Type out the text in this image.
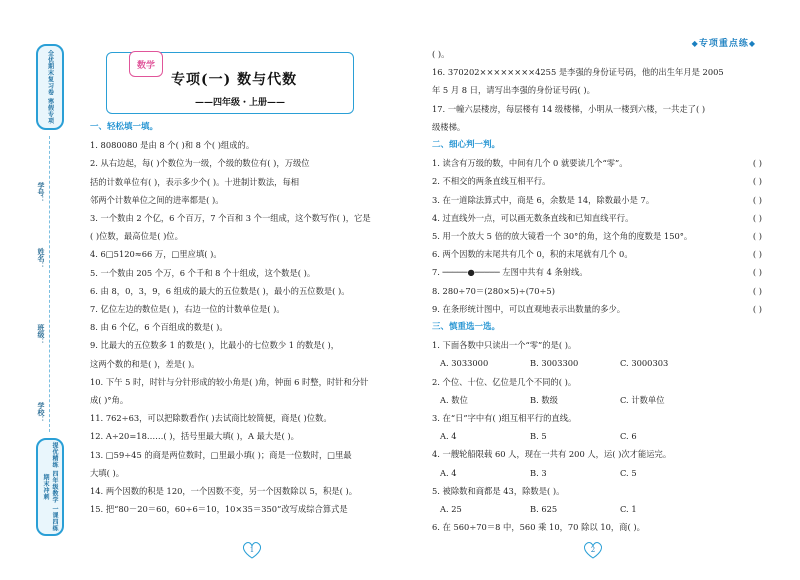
全优期末复习卷 寒假专项
学号：
姓名：
班级：
学校：
提优精练 四年级数学 一课四练 期末冲刺
◆专项重点练◆
数学
专项(一) 数与代数
——四年级・上册——
一、轻松填一填。
1. 8080080 是由 8 个( )和 8 个( )组成的。
2. 从右边起，每( )个数位为一级，个级的数位有( )，万级位
括的计数单位有( )，表示多少个( )。十进制计数法，每相
邻两个计数单位之间的进率都是( )。
3. 一个数由 2 个亿，6 个百万，7 个百和 3 个一组成，这个数写作( )，它是
( )位数，最高位是( )位。
4. 6□5120≈66 万，□里应填( )。
5. 一个数由 205 个万，6 个千和 8 个十组成，这个数是( )。
6. 由 8，0，3，9，6 组成的最大的五位数是( )，最小的五位数是( )。
7. 亿位左边的数位是( )，右边一位的计数单位是( )。
8. 由 6 个亿，6 个百组成的数是( )。
9. 比最大的五位数多 1 的数是( )，比最小的七位数少 1 的数是( )，
这两个数的和是( )，差是( )。
10. 下午 5 时，时针与分针形成的较小角是( )角，钟面 6 时整，时针和分针
成( )°角。
11. 762÷63，可以把除数看作( )去试商比较简便，商是( )位数。
12. A÷20=18……( )，括号里最大填( )，A 最大是( )。
13. □59÷45 的商是两位数时，□里最小填( )；商是一位数时，□里最
大填( )。
14. 两个因数的积是 120，一个因数不变，另一个因数除以 5，积是( )。
15. 把“80－20＝60，60÷6＝10，10×35＝350”改写成综合算式是
( )。
16. 370202××××××××4255 是李强的身份证号码，他的出生年月是 2005
年 5 月 8 日，请写出李强的身份证号码( )。
17. 一幢六层楼房，每层楼有 14 级楼梯，小明从一楼到六楼，一共走了( )
级楼梯。
二、细心判一判。
1. 读含有万级的数，中间有几个 0 就要读几个“零”。	( )
2. 不相交的两条直线互相平行。	( )
3. 在一道除法算式中，商是 6，余数是 14，除数最小是 7。	( )
4. 过直线外一点，可以画无数条直线和已知直线平行。	( )
5. 用一个放大 5 倍的放大镜看一个 30°的角，这个角的度数是 150°。	( )
6. 两个因数的末尾共有几个 0，积的末尾就有几个 0。	( )
7. ─────●───── 左图中共有 4 条射线。	( )
8. 280÷70＝(280×5)÷(70÷5)	( )
9. 在条形统计图中，可以直观地表示出数量的多少。	( )
三、慎重选一选。
1. 下面各数中只读出一个“零”的是( )。
A. 3033000	B. 3003300	C. 3000303
2. 个位、十位、亿位是几个不同的( )。
A. 数位	B. 数级	C. 计数单位
3. 在“日”字中有( )组互相平行的直线。
A. 4	B. 5	C. 6
4. 一艘轮船限载 60 人，现在一共有 200 人，运( )次才能运完。
A. 4	B. 3	C. 5
5. 被除数和商都是 43，除数是( )。
A. 25	B. 625	C. 1
6. 在 560÷70＝8 中，560 乘 10，70 除以 10，商( )。
1	2
